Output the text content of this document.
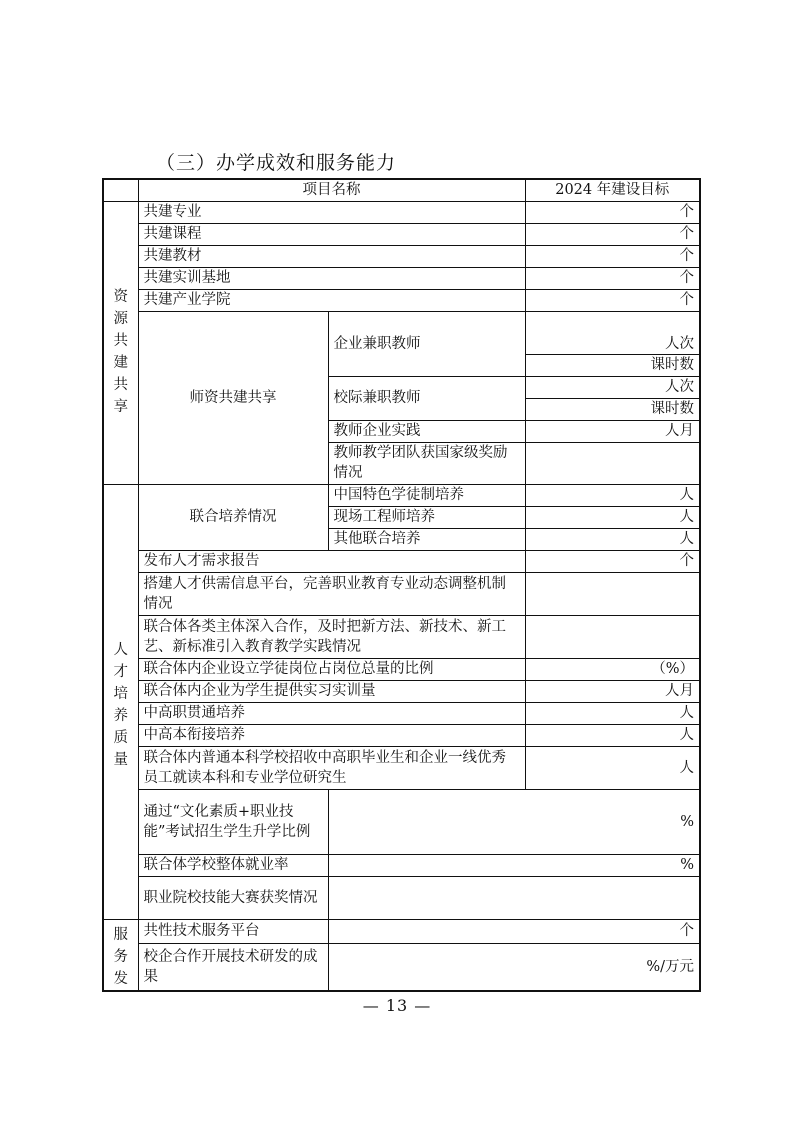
（三）办学成效和服务能力
	项目名称		2024 年建设目标

资源共建共享	共建专业		个
	共建课程		个
	共建教材		个
	共建实训基地		个
	共建产业学院		个
	师资共建共享	企业兼职教师	人次
			课时数
		校际兼职教师	人次
			课时数
		教师企业实践	人月
		教师教学团队获国家级奖励情况	

人才培养质量	联合培养情况	中国特色学徒制培养	人
		现场工程师培养	人
		其他联合培养	人
	发布人才需求报告		个
	搭建人才供需信息平台，完善职业教育专业动态调整机制情况		
	联合体各类主体深入合作，及时把新方法、新技术、新工艺、新标准引入教育教学实践情况		
	联合体内企业设立学徒岗位占岗位总量的比例		（%）
	联合体内企业为学生提供实习实训量		人月
	中高职贯通培养		人
	中高本衔接培养		人
	联合体内普通本科学校招收中高职毕业生和企业一线优秀员工就读本科和专业学位研究生		人
	通过“文化素质+职业技能”考试招生学生升学比例	%	
	联合体学校整体就业率	%	
	职业院校技能大赛获奖情况		

服务发	共性技术服务平台	个	
	校企合作开展技术研发的成果	%/万元	
— 13 —
